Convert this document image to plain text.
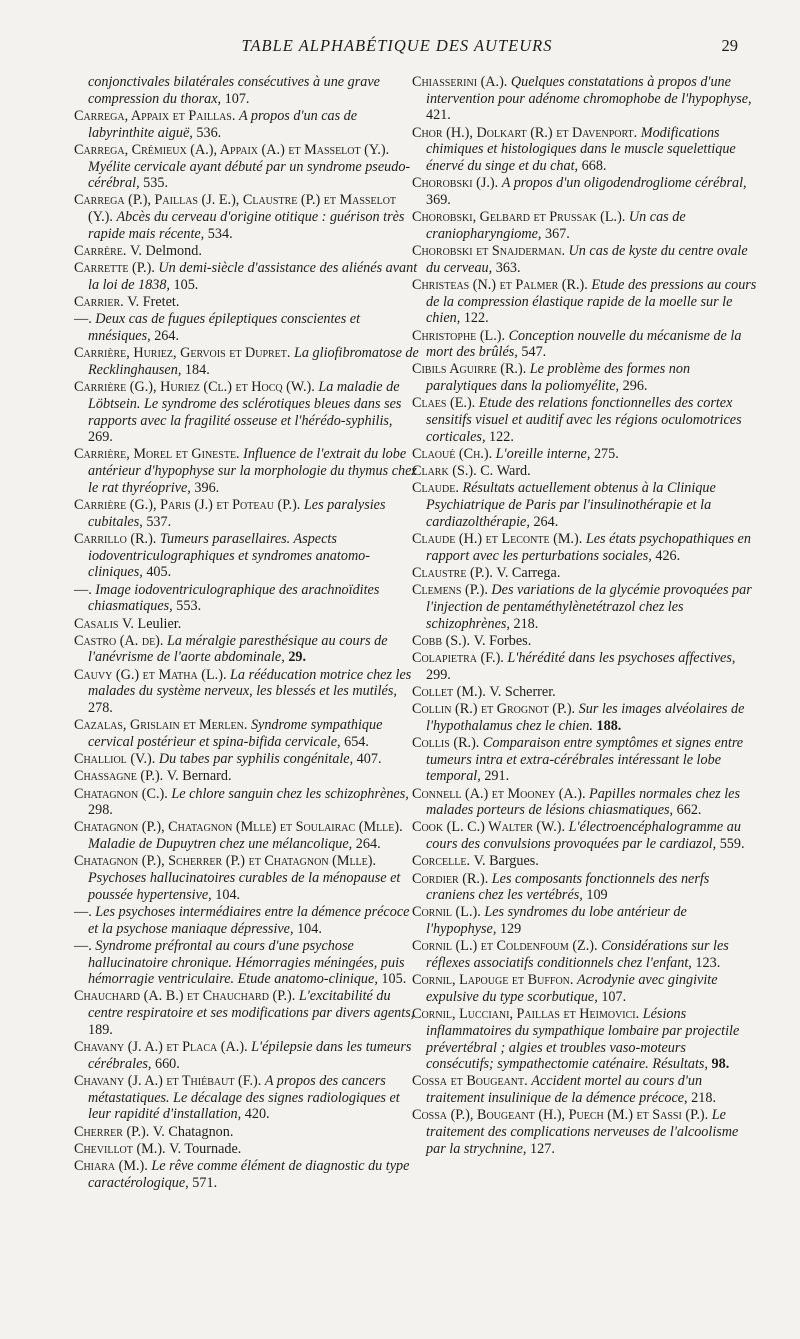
TABLE ALPHABÉTIQUE DES AUTEURS	29

conjonctivales bilatérales consécutives à une grave compression du thorax, 107.

Carrega, Appaix et Paillas. A propos d'un cas de labyrinthite aiguë, 536.

Carrega, Crémieux (A.), Appaix (A.) et Masselot (Y.). Myélite cervicale ayant débuté par un syndrome pseudo-cérébral, 535.

Carrega (P.), Paillas (J. E.), Claustre (P.) et Masselot (Y.). Abcès du cerveau d'origine otitique : guérison très rapide mais récente, 534.

Carrère. V. Delmond.

Carrette (P.). Un demi-siècle d'assistance des aliénés avant la loi de 1838, 105.

Carrier. V. Fretet.

—. Deux cas de fugues épileptiques conscientes et mnésiques, 264.

Carrière, Huriez, Gervois et Dupret. La gliofibromatose de Recklinghausen, 184.

Carrière (G.), Huriez (Cl.) et Hocq (W.). La maladie de Löbtsein. Le syndrome des sclérotiques bleues dans ses rapports avec la fragilité osseuse et l'hérédo-syphilis, 269.

Carrière, Morel et Gineste. Influence de l'extrait du lobe antérieur d'hypophyse sur la morphologie du thymus chez le rat thyréoprive, 396.

Carrière (G.), Paris (J.) et Poteau (P.). Les paralysies cubitales, 537.

Carrillo (R.). Tumeurs parasellaires. Aspects iodoventriculographiques et syndromes anatomo-cliniques, 405.

—. Image iodoventriculographique des arachnoïdites chiasmatiques, 553.

Casalis V. Leulier.

Castro (A. de). La méralgie paresthésique au cours de l'anévrisme de l'aorte abdominale, 29.

Cauvy (G.) et Matha (L.). La rééducation motrice chez les malades du système nerveux, les blessés et les mutilés, 278.

Cazalas, Grislain et Merlen. Syndrome sympathique cervical postérieur et spina-bifida cervicale, 654.

Challiol (V.). Du tabes par syphilis congénitale, 407.

Chassagne (P.). V. Bernard.

Chatagnon (C.). Le chlore sanguin chez les schizophrènes, 298.

Chatagnon (P.), Chatagnon (Mlle) et Soulairac (Mlle). Maladie de Dupuytren chez une mélancolique, 264.

Chatagnon (P.), Scherrer (P.) et Chatagnon (Mlle). Psychoses hallucinatoires curables de la ménopause et poussée hypertensive, 104.

—. Les psychoses intermédiaires entre la démence précoce et la psychose maniaque dépressive, 104.

—. Syndrome préfrontal au cours d'une psychose hallucinatoire chronique. Hémorragies méningées, puis hémorragie ventriculaire. Etude anatomo-clinique, 105.

Chauchard (A. B.) et Chauchard (P.). L'excitabilité du centre respiratoire et ses modifications par divers agents, 189.

Chavany (J. A.) et Placa (A.). L'épilepsie dans les tumeurs cérébrales, 660.

Chavany (J. A.) et Thiébaut (F.). A propos des cancers métastatiques. Le décalage des signes radiologiques et leur rapidité d'installation, 420.

Cherrer (P.). V. Chatagnon.

Chevillot (M.). V. Tournade.

Chiara (M.). Le rêve comme élément de diagnostic du type caractérologique, 571.

Chiasserini (A.). Quelques constatations à propos d'une intervention pour adénome chromophobe de l'hypophyse, 421.

Chor (H.), Dolkart (R.) et Davenport. Modifications chimiques et histologiques dans le muscle squelettique énervé du singe et du chat, 668.

Chorobski (J.). A propos d'un oligodendrogliome cérébral, 369.

Chorobski, Gelbard et Prussak (L.). Un cas de craniopharyngiome, 367.

Chorobski et Snajderman. Un cas de kyste du centre ovale du cerveau, 363.

Christeas (N.) et Palmer (R.). Etude des pressions au cours de la compression élastique rapide de la moelle sur le chien, 122.

Christophe (L.). Conception nouvelle du mécanisme de la mort des brûlés, 547.

Cibils Aguirre (R.). Le problème des formes non paralytiques dans la poliomyélite, 296.

Claes (E.). Etude des relations fonctionnelles des cortex sensitifs visuel et auditif avec les régions oculomotrices corticales, 122.

Claoué (Ch.). L'oreille interne, 275.

Clark (S.). C. Ward.

Claude. Résultats actuellement obtenus à la Clinique Psychiatrique de Paris par l'insulinothérapie et la cardiazolthérapie, 264.

Claude (H.) et Leconte (M.). Les états psychopathiques en rapport avec les perturbations sociales, 426.

Claustre (P.). V. Carrega.

Clemens (P.). Des variations de la glycémie provoquées par l'injection de pentaméthylènetétrazol chez les schizophrènes, 218.

Cobb (S.). V. Forbes.

Colapietra (F.). L'hérédité dans les psychoses affectives, 299.

Collet (M.). V. Scherrer.

Collin (R.) et Grognot (P.). Sur les images alvéolaires de l'hypothalamus chez le chien. 188.

Collis (R.). Comparaison entre symptômes et signes entre tumeurs intra et extra-cérébrales intéressant le lobe temporal, 291.

Connell (A.) et Mooney (A.). Papilles normales chez les malades porteurs de lésions chiasmatiques, 662.

Cook (L. C.) Walter (W.). L'électroencéphalogramme au cours des convulsions provoquées par le cardiazol, 559.

Corcelle. V. Bargues.

Cordier (R.). Les composants fonctionnels des nerfs craniens chez les vertébrés, 109

Cornil (L.). Les syndromes du lobe antérieur de l'hypophyse, 129

Cornil (L.) et Coldenfoum (Z.). Considérations sur les réflexes associatifs conditionnels chez l'enfant, 123.

Cornil, Lapouge et Buffon. Acrodynie avec gingivite expulsive du type scorbutique, 107.

Cornil, Lucciani, Paillas et Heimovici. Lésions inflammatoires du sympathique lombaire par projectile prévertébral ; algies et troubles vaso-moteurs consécutifs; sympathectomie caténaire. Résultats, 98.

Cossa et Bougeant. Accident mortel au cours d'un traitement insulinique de la démence précoce, 218.

Cossa (P.), Bougeant (H.), Puech (M.) et Sassi (P.). Le traitement des complications nerveuses de l'alcoolisme par la strychnine, 127.
